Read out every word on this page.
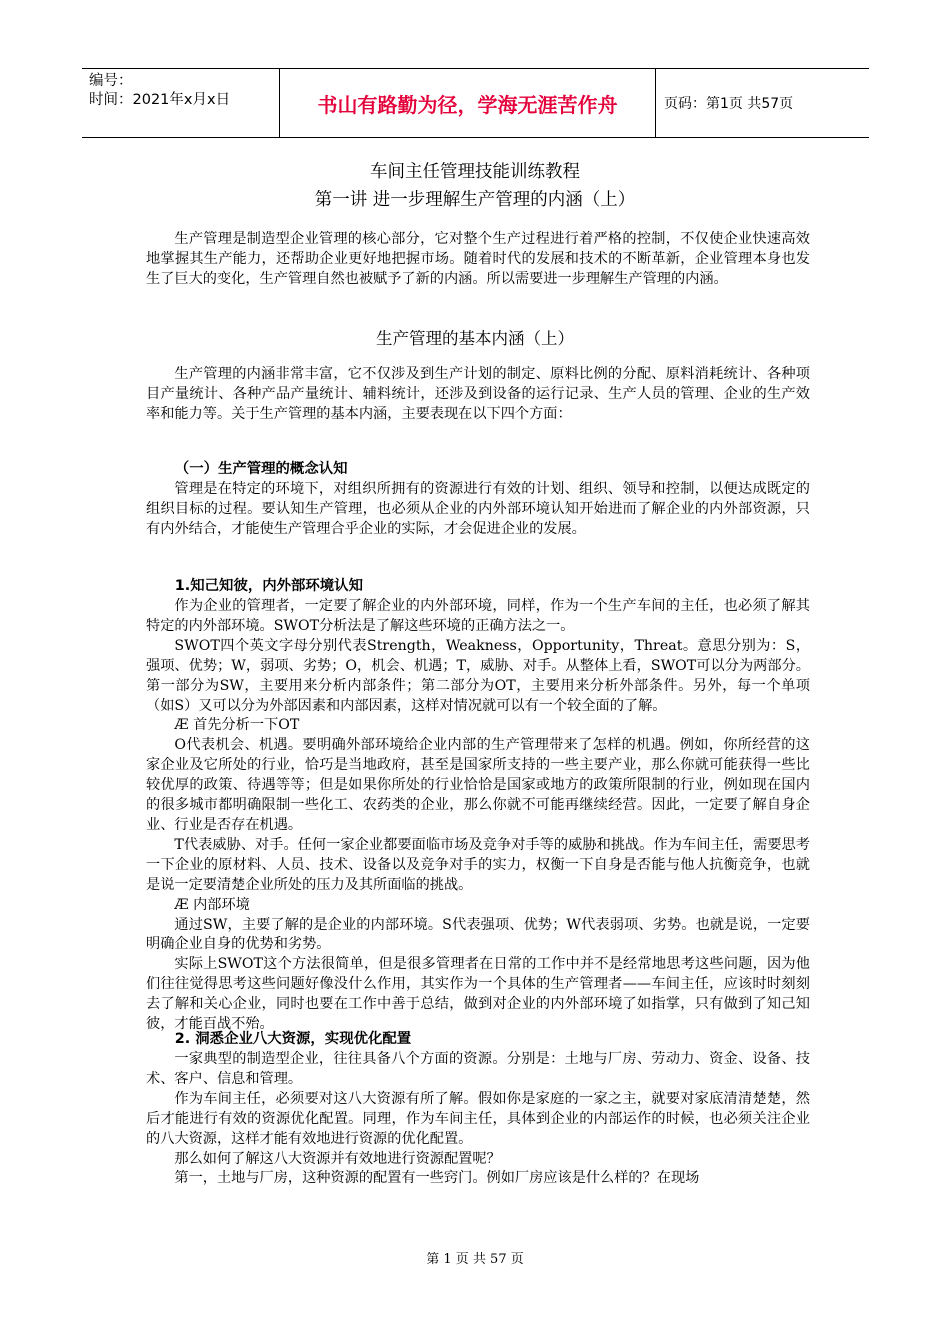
编号：
时间：2021年x月x日	书山有路勤为径，学海无涯苦作舟	页码：第1页 共57页
车间主任管理技能训练教程
第一讲 进一步理解生产管理的内涵（上）
生产管理是制造型企业管理的核心部分，它对整个生产过程进行着严格的控制，不仅使企业快速高效地掌握其生产能力，还帮助企业更好地把握市场。随着时代的发展和技术的不断革新，企业管理本身也发生了巨大的变化，生产管理自然也被赋予了新的内涵。所以需要进一步理解生产管理的内涵。
生产管理的基本内涵（上）
生产管理的内涵非常丰富，它不仅涉及到生产计划的制定、原料比例的分配、原料消耗统计、各种项目产量统计、各种产品产量统计、辅料统计，还涉及到设备的运行记录、生产人员的管理、企业的生产效率和能力等。关于生产管理的基本内涵，主要表现在以下四个方面：
（一）生产管理的概念认知
管理是在特定的环境下，对组织所拥有的资源进行有效的计划、组织、领导和控制，以便达成既定的组织目标的过程。要认知生产管理，也必须从企业的内外部环境认知开始进而了解企业的内外部资源，只有内外结合，才能使生产管理合乎企业的实际，才会促进企业的发展。
1.知己知彼，内外部环境认知
作为企业的管理者，一定要了解企业的内外部环境，同样，作为一个生产车间的主任，也必须了解其特定的内外部环境。SWOT分析法是了解这些环境的正确方法之一。
SWOT四个英文字母分别代表Strength，Weakness，Opportunity，Threat。意思分别为：S，强项、优势；W，弱项、劣势；O，机会、机遇；T，威胁、对手。从整体上看，SWOT可以分为两部分。第一部分为SW，主要用来分析内部条件；第二部分为OT，主要用来分析外部条件。另外，每一个单项（如S）又可以分为外部因素和内部因素，这样对情况就可以有一个较全面的了解。
Æ 首先分析一下OT
O代表机会、机遇。要明确外部环境给企业内部的生产管理带来了怎样的机遇。例如，你所经营的这家企业及它所处的行业，恰巧是当地政府，甚至是国家所支持的一些主要产业，那么你就可能获得一些比较优厚的政策、待遇等等；但是如果你所处的行业恰恰是国家或地方的政策所限制的行业，例如现在国内的很多城市都明确限制一些化工、农药类的企业，那么你就不可能再继续经营。因此，一定要了解自身企业、行业是否存在机遇。
T代表威胁、对手。任何一家企业都要面临市场及竞争对手等的威胁和挑战。作为车间主任，需要思考一下企业的原材料、人员、技术、设备以及竞争对手的实力，权衡一下自身是否能与他人抗衡竞争，也就是说一定要清楚企业所处的压力及其所面临的挑战。
Æ 内部环境
通过SW，主要了解的是企业的内部环境。S代表强项、优势；W代表弱项、劣势。也就是说，一定要明确企业自身的优势和劣势。
实际上SWOT这个方法很简单，但是很多管理者在日常的工作中并不是经常地思考这些问题，因为他们往往觉得思考这些问题好像没什么作用，其实作为一个具体的生产管理者——车间主任，应该时时刻刻去了解和关心企业，同时也要在工作中善于总结，做到对企业的内外部环境了如指掌，只有做到了知己知彼，才能百战不殆。
2. 洞悉企业八大资源，实现优化配置
一家典型的制造型企业，往往具备八个方面的资源。分别是：土地与厂房、劳动力、资金、设备、技术、客户、信息和管理。
作为车间主任，必须要对这八大资源有所了解。假如你是家庭的一家之主，就要对家底清清楚楚，然后才能进行有效的资源优化配置。同理，作为车间主任，具体到企业的内部运作的时候，也必须关注企业的八大资源，这样才能有效地进行资源的优化配置。
那么如何了解这八大资源并有效地进行资源配置呢？
第一，土地与厂房，这种资源的配置有一些窍门。例如厂房应该是什么样的？在现场
第 1 页 共 57 页
